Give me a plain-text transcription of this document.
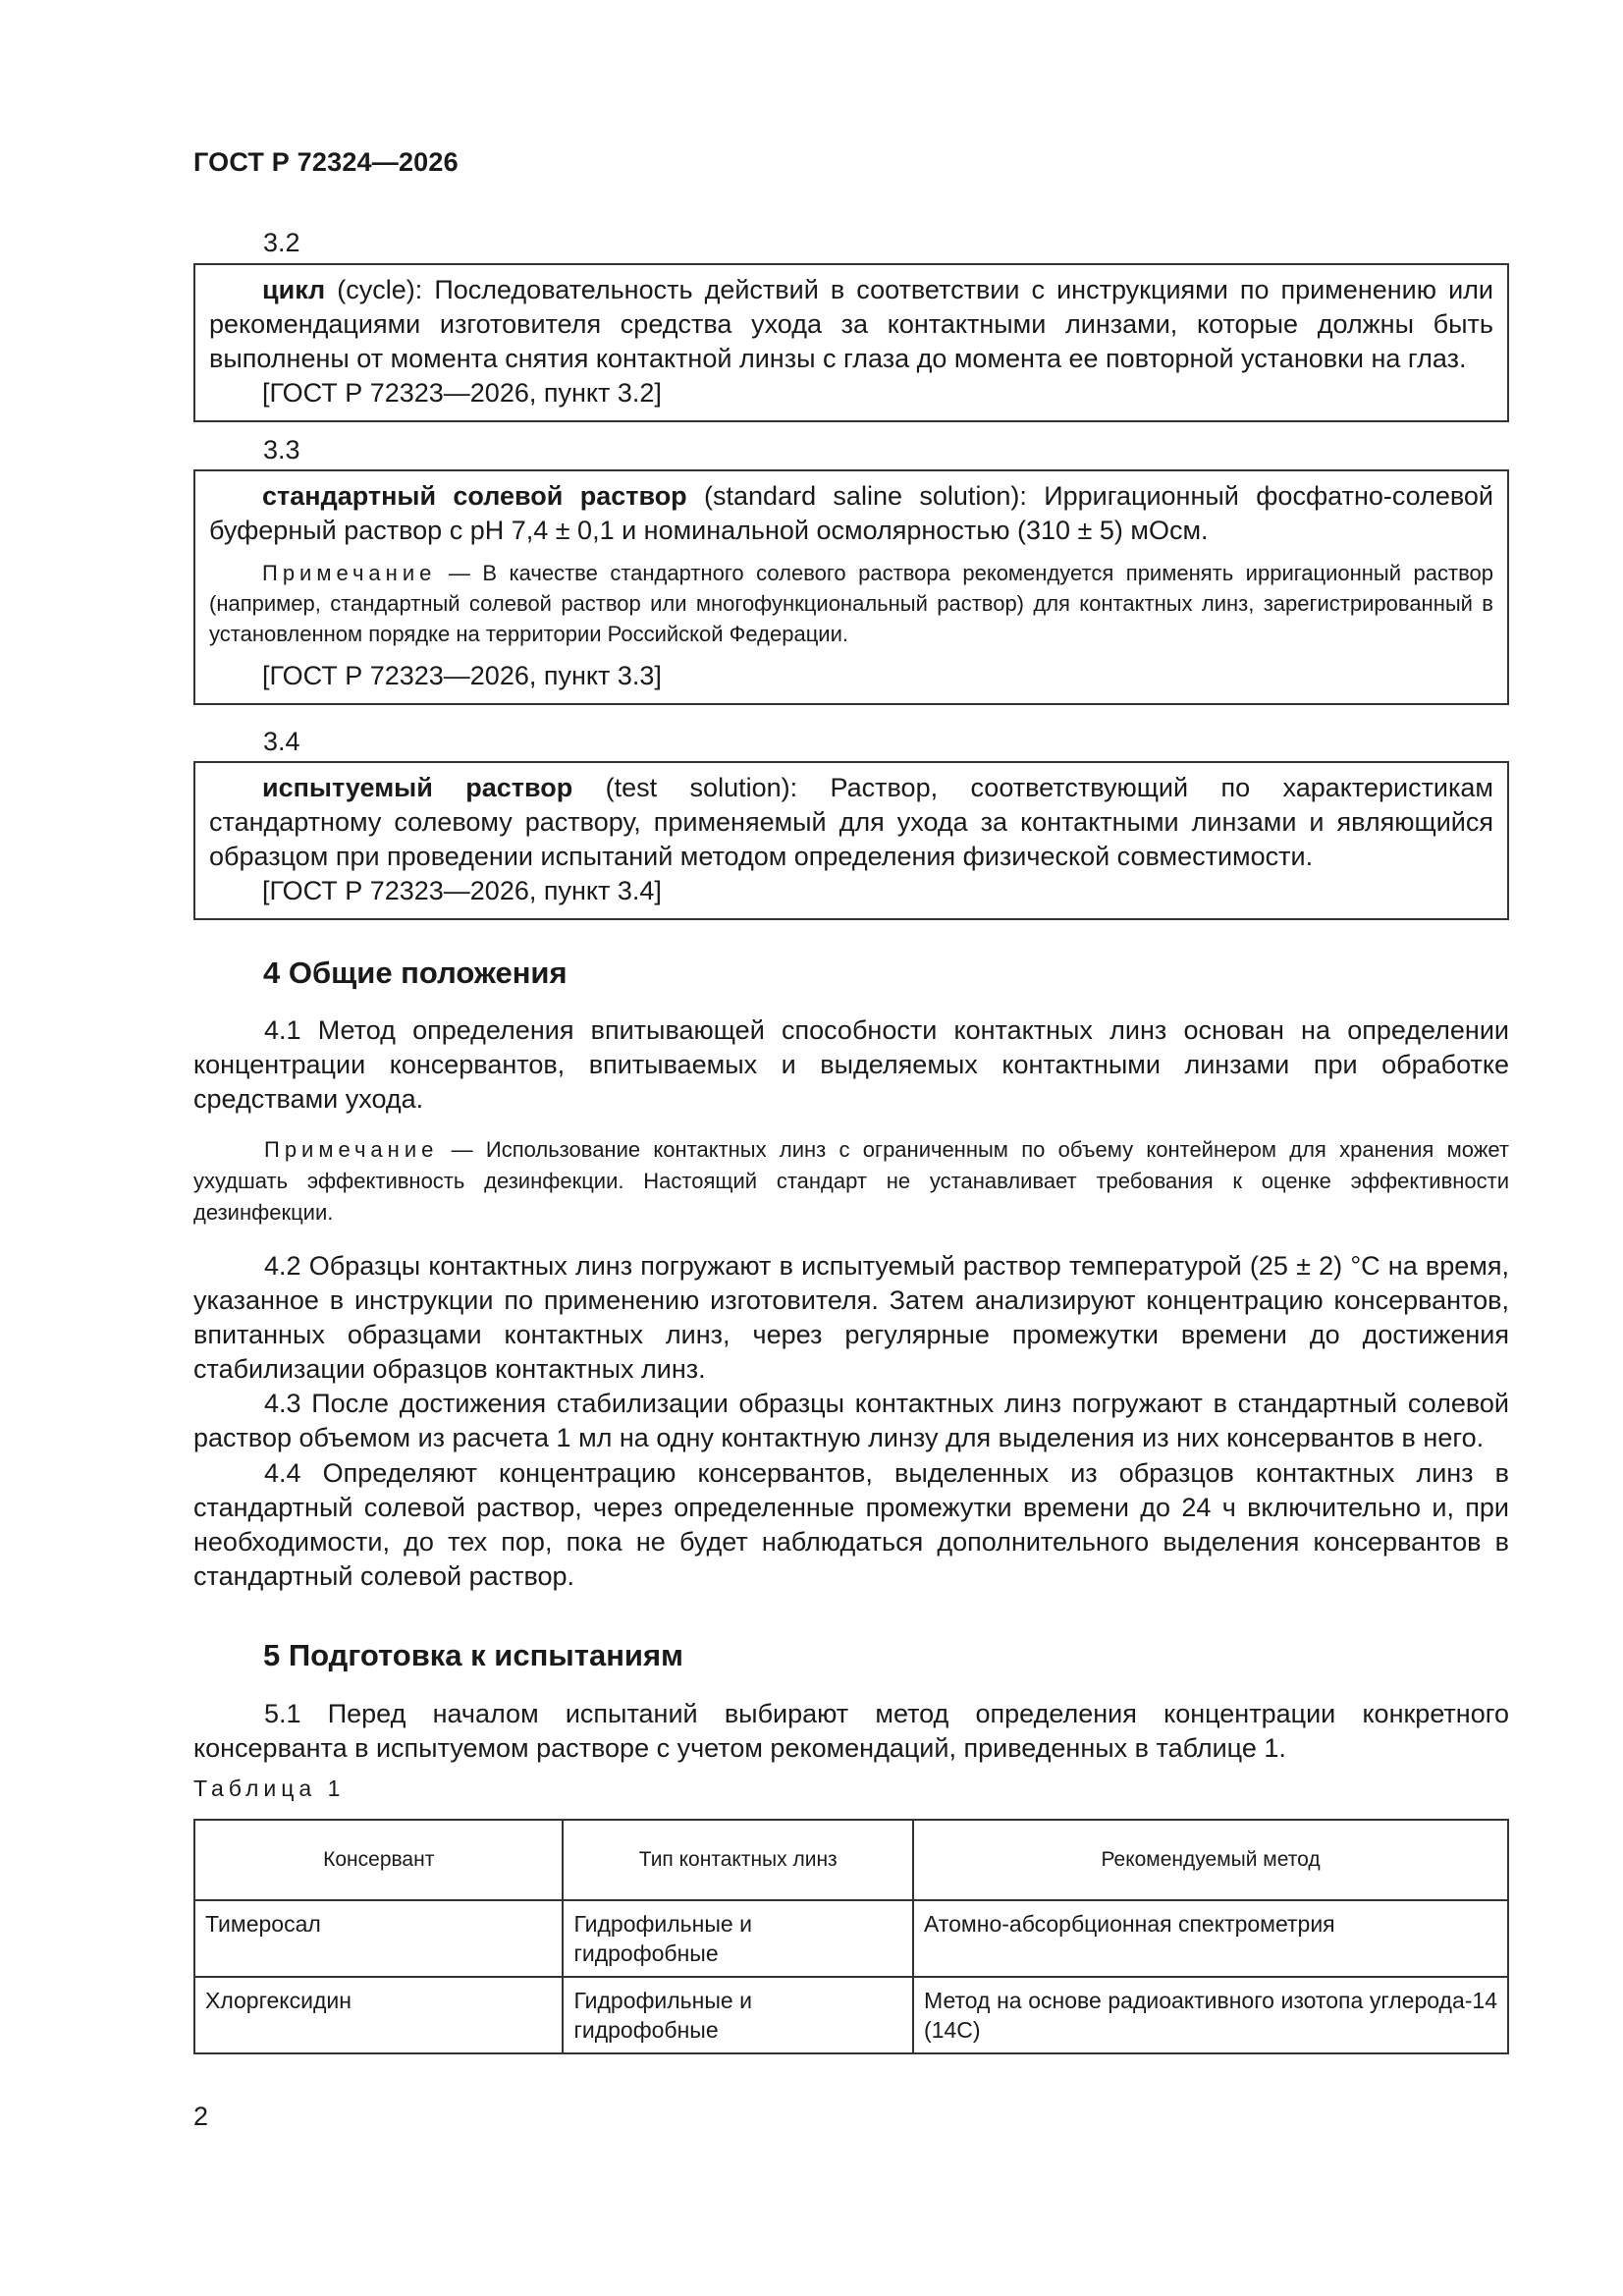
ГОСТ Р 72324—2026
3.2

цикл (cycle): Последовательность действий в соответствии с инструкциями по применению или рекомендациями изготовителя средства ухода за контактными линзами, которые должны быть выполнены от момента снятия контактной линзы с глаза до момента ее повторной установки на глаз.

[ГОСТ Р 72323—2026, пункт 3.2]

3.3

стандартный солевой раствор (standard saline solution): Ирригационный фосфатно-солевой буферный раствор с pH 7,4 ± 0,1 и номинальной осмолярностью (310 ± 5) мОсм.

Примечание — В качестве стандартного солевого раствора рекомендуется применять ирригационный раствор (например, стандартный солевой раствор или многофункциональный раствор) для контактных линз, зарегистрированный в установленном порядке на территории Российской Федерации.

[ГОСТ Р 72323—2026, пункт 3.3]

3.4

испытуемый раствор (test solution): Раствор, соответствующий по характеристикам стандартному солевому раствору, применяемый для ухода за контактными линзами и являющийся образцом при проведении испытаний методом определения физической совместимости.

[ГОСТ Р 72323—2026, пункт 3.4]

4 Общие положения

4.1 Метод определения впитывающей способности контактных линз основан на определении концентрации консервантов, впитываемых и выделяемых контактными линзами при обработке средствами ухода.

Примечание — Использование контактных линз с ограниченным по объему контейнером для хранения может ухудшать эффективность дезинфекции. Настоящий стандарт не устанавливает требования к оценке эффективности дезинфекции.

4.2 Образцы контактных линз погружают в испытуемый раствор температурой (25 ± 2) °С на время, указанное в инструкции по применению изготовителя. Затем анализируют концентрацию консервантов, впитанных образцами контактных линз, через регулярные промежутки времени до достижения стабилизации образцов контактных линз.

4.3 После достижения стабилизации образцы контактных линз погружают в стандартный солевой раствор объемом из расчета 1 мл на одну контактную линзу для выделения из них консервантов в него.

4.4 Определяют концентрацию консервантов, выделенных из образцов контактных линз в стандартный солевой раствор, через определенные промежутки времени до 24 ч включительно и, при необходимости, до тех пор, пока не будет наблюдаться дополнительного выделения консервантов в стандартный солевой раствор.

5 Подготовка к испытаниям

5.1 Перед началом испытаний выбирают метод определения концентрации конкретного консерванта в испытуемом растворе с учетом рекомендаций, приведенных в таблице 1.

Таблица 1
Консервант	Тип контактных линз	Рекомендуемый метод
Тимеросал	Гидрофильные и гидрофобные	Атомно-абсорбционная спектрометрия
Хлоргексидин	Гидрофильные и гидрофобные	Метод на основе радиоактивного изотопа углерода-14 (14С)
2
